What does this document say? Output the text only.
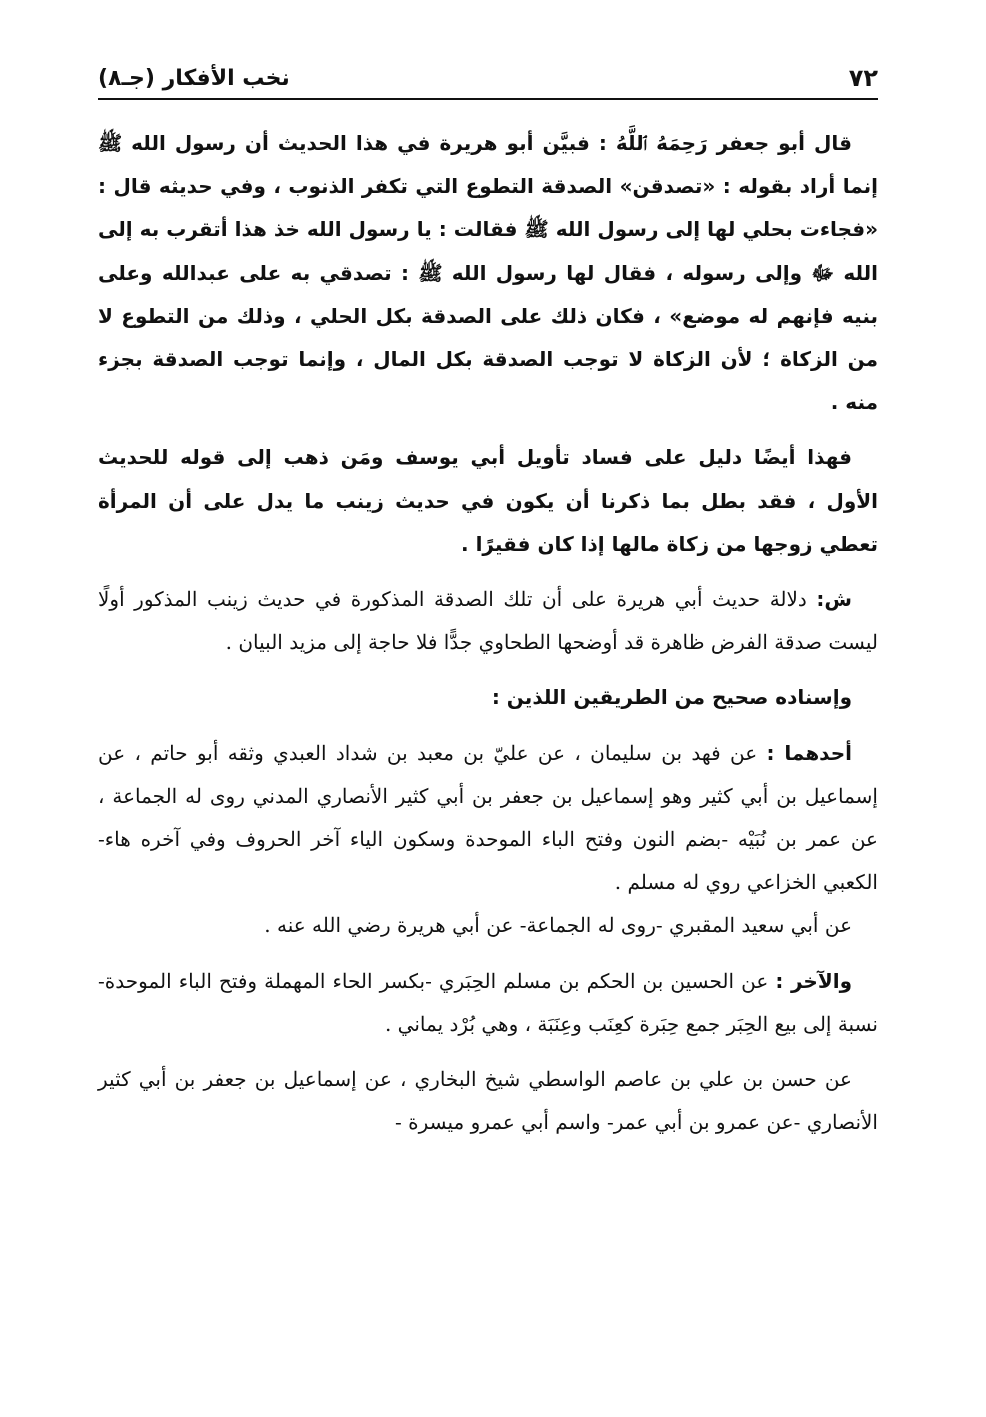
٧٢
نخب الأفكار (جـ٨)

قال أبو جعفر رَحِمَهُ ٱللَّهُ : فبيَّن أبو هريرة في هذا الحديث أن رسول الله ﷺ إنما أراد بقوله : «تصدقن» الصدقة التطوع التي تكفر الذنوب ، وفي حديثه قال : «فجاءت بحلي لها إلى رسول الله ﷺ فقالت : يا رسول الله خذ هذا أتقرب به إلى الله ﷻ وإلى رسوله ، فقال لها رسول الله ﷺ : تصدقي به على عبدالله وعلى بنيه فإنهم له موضع» ، فكان ذلك على الصدقة بكل الحلي ، وذلك من التطوع لا من الزكاة ؛ لأن الزكاة لا توجب الصدقة بكل المال ، وإنما توجب الصدقة بجزء منه .

فهذا أيضًا دليل على فساد تأويل أبي يوسف ومَن ذهب إلى قوله للحديث الأول ، فقد بطل بما ذكرنا أن يكون في حديث زينب ما يدل على أن المرأة تعطي زوجها من زكاة مالها إذا كان فقيرًا .

ش: دلالة حديث أبي هريرة على أن تلك الصدقة المذكورة في حديث زينب المذكور أولًا ليست صدقة الفرض ظاهرة قد أوضحها الطحاوي جدًّا فلا حاجة إلى مزيد البيان .

وإسناده صحيح من الطريقين اللذين :

أحدهما : عن فهد بن سليمان ، عن عليّ بن معبد بن شداد العبدي وثقه أبو حاتم ، عن إسماعيل بن أبي كثير وهو إسماعيل بن جعفر بن أبي كثير الأنصاري المدني روى له الجماعة ، عن عمر بن نُبَيْه -بضم النون وفتح الباء الموحدة وسكون الياء آخر الحروف وفي آخره هاء- الكعبي الخزاعي روي له مسلم .

عن أبي سعيد المقبري -روى له الجماعة- عن أبي هريرة رضي الله عنه .

والآخر : عن الحسين بن الحكم بن مسلم الحِبَري -بكسر الحاء المهملة وفتح الباء الموحدة- نسبة إلى بيع الحِبَر جمع حِبَرة كعِنَب وعِنَبَة ، وهي بُرْد يماني .

عن حسن بن علي بن عاصم الواسطي شيخ البخاري ، عن إسماعيل بن جعفر بن أبي كثير الأنصاري -عن عمرو بن أبي عمر- واسم أبي عمرو ميسرة -
